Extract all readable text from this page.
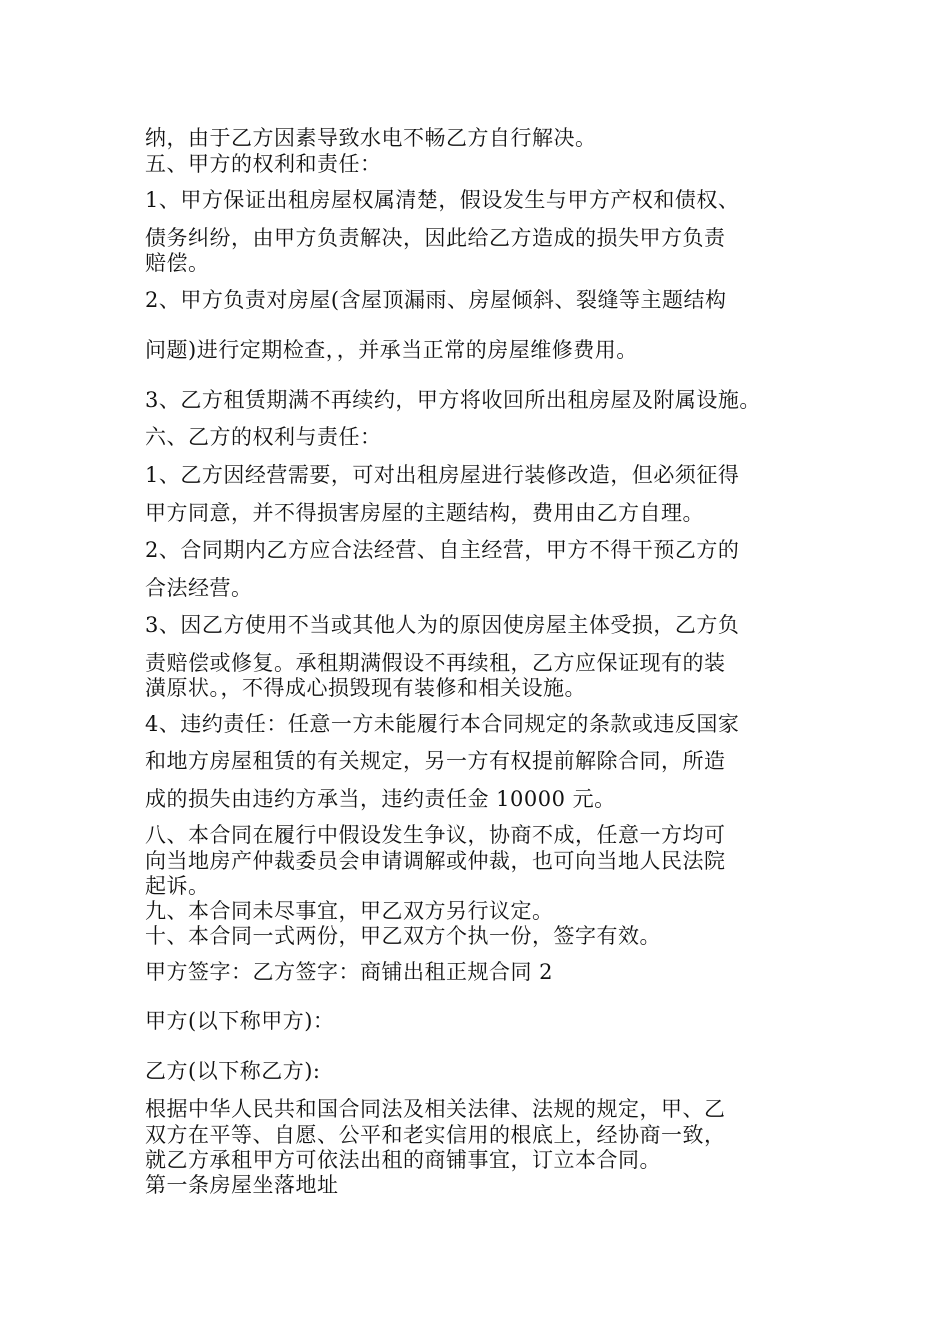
纳，由于乙方因素导致水电不畅乙方自行解决。
五、甲方的权利和责任：
1、甲方保证出租房屋权属清楚，假设发生与甲方产权和债权、
债务纠纷，由甲方负责解决，因此给乙方造成的损失甲方负责
赔偿。
2、甲方负责对房屋(含屋顶漏雨、房屋倾斜、裂缝等主题结构
问题)进行定期检查，，并承当正常的房屋维修费用。
3、乙方租赁期满不再续约，甲方将收回所出租房屋及附属设施。
六、乙方的权利与责任：
1、乙方因经营需要，可对出租房屋进行装修改造，但必须征得
甲方同意，并不得损害房屋的主题结构，费用由乙方自理。
2、合同期内乙方应合法经营、自主经营，甲方不得干预乙方的
合法经营。
3、因乙方使用不当或其他人为的原因使房屋主体受损，乙方负
责赔偿或修复。承租期满假设不再续租，乙方应保证现有的装
潢原状。，不得成心损毁现有装修和相关设施。
4、违约责任：任意一方未能履行本合同规定的条款或违反国家
和地方房屋租赁的有关规定，另一方有权提前解除合同，所造
成的损失由违约方承当，违约责任金 10000 元。
八、本合同在履行中假设发生争议，协商不成，任意一方均可
向当地房产仲裁委员会申请调解或仲裁，也可向当地人民法院
起诉。
九、本合同未尽事宜，甲乙双方另行议定。
十、本合同一式两份，甲乙双方个执一份，签字有效。
甲方签字：乙方签字：商铺出租正规合同 2
甲方(以下称甲方)：
乙方(以下称乙方):
根据中华人民共和国合同法及相关法律、法规的规定，甲、乙
双方在平等、自愿、公平和老实信用的根底上，经协商一致，
就乙方承租甲方可依法出租的商铺事宜，订立本合同。
第一条房屋坐落地址
